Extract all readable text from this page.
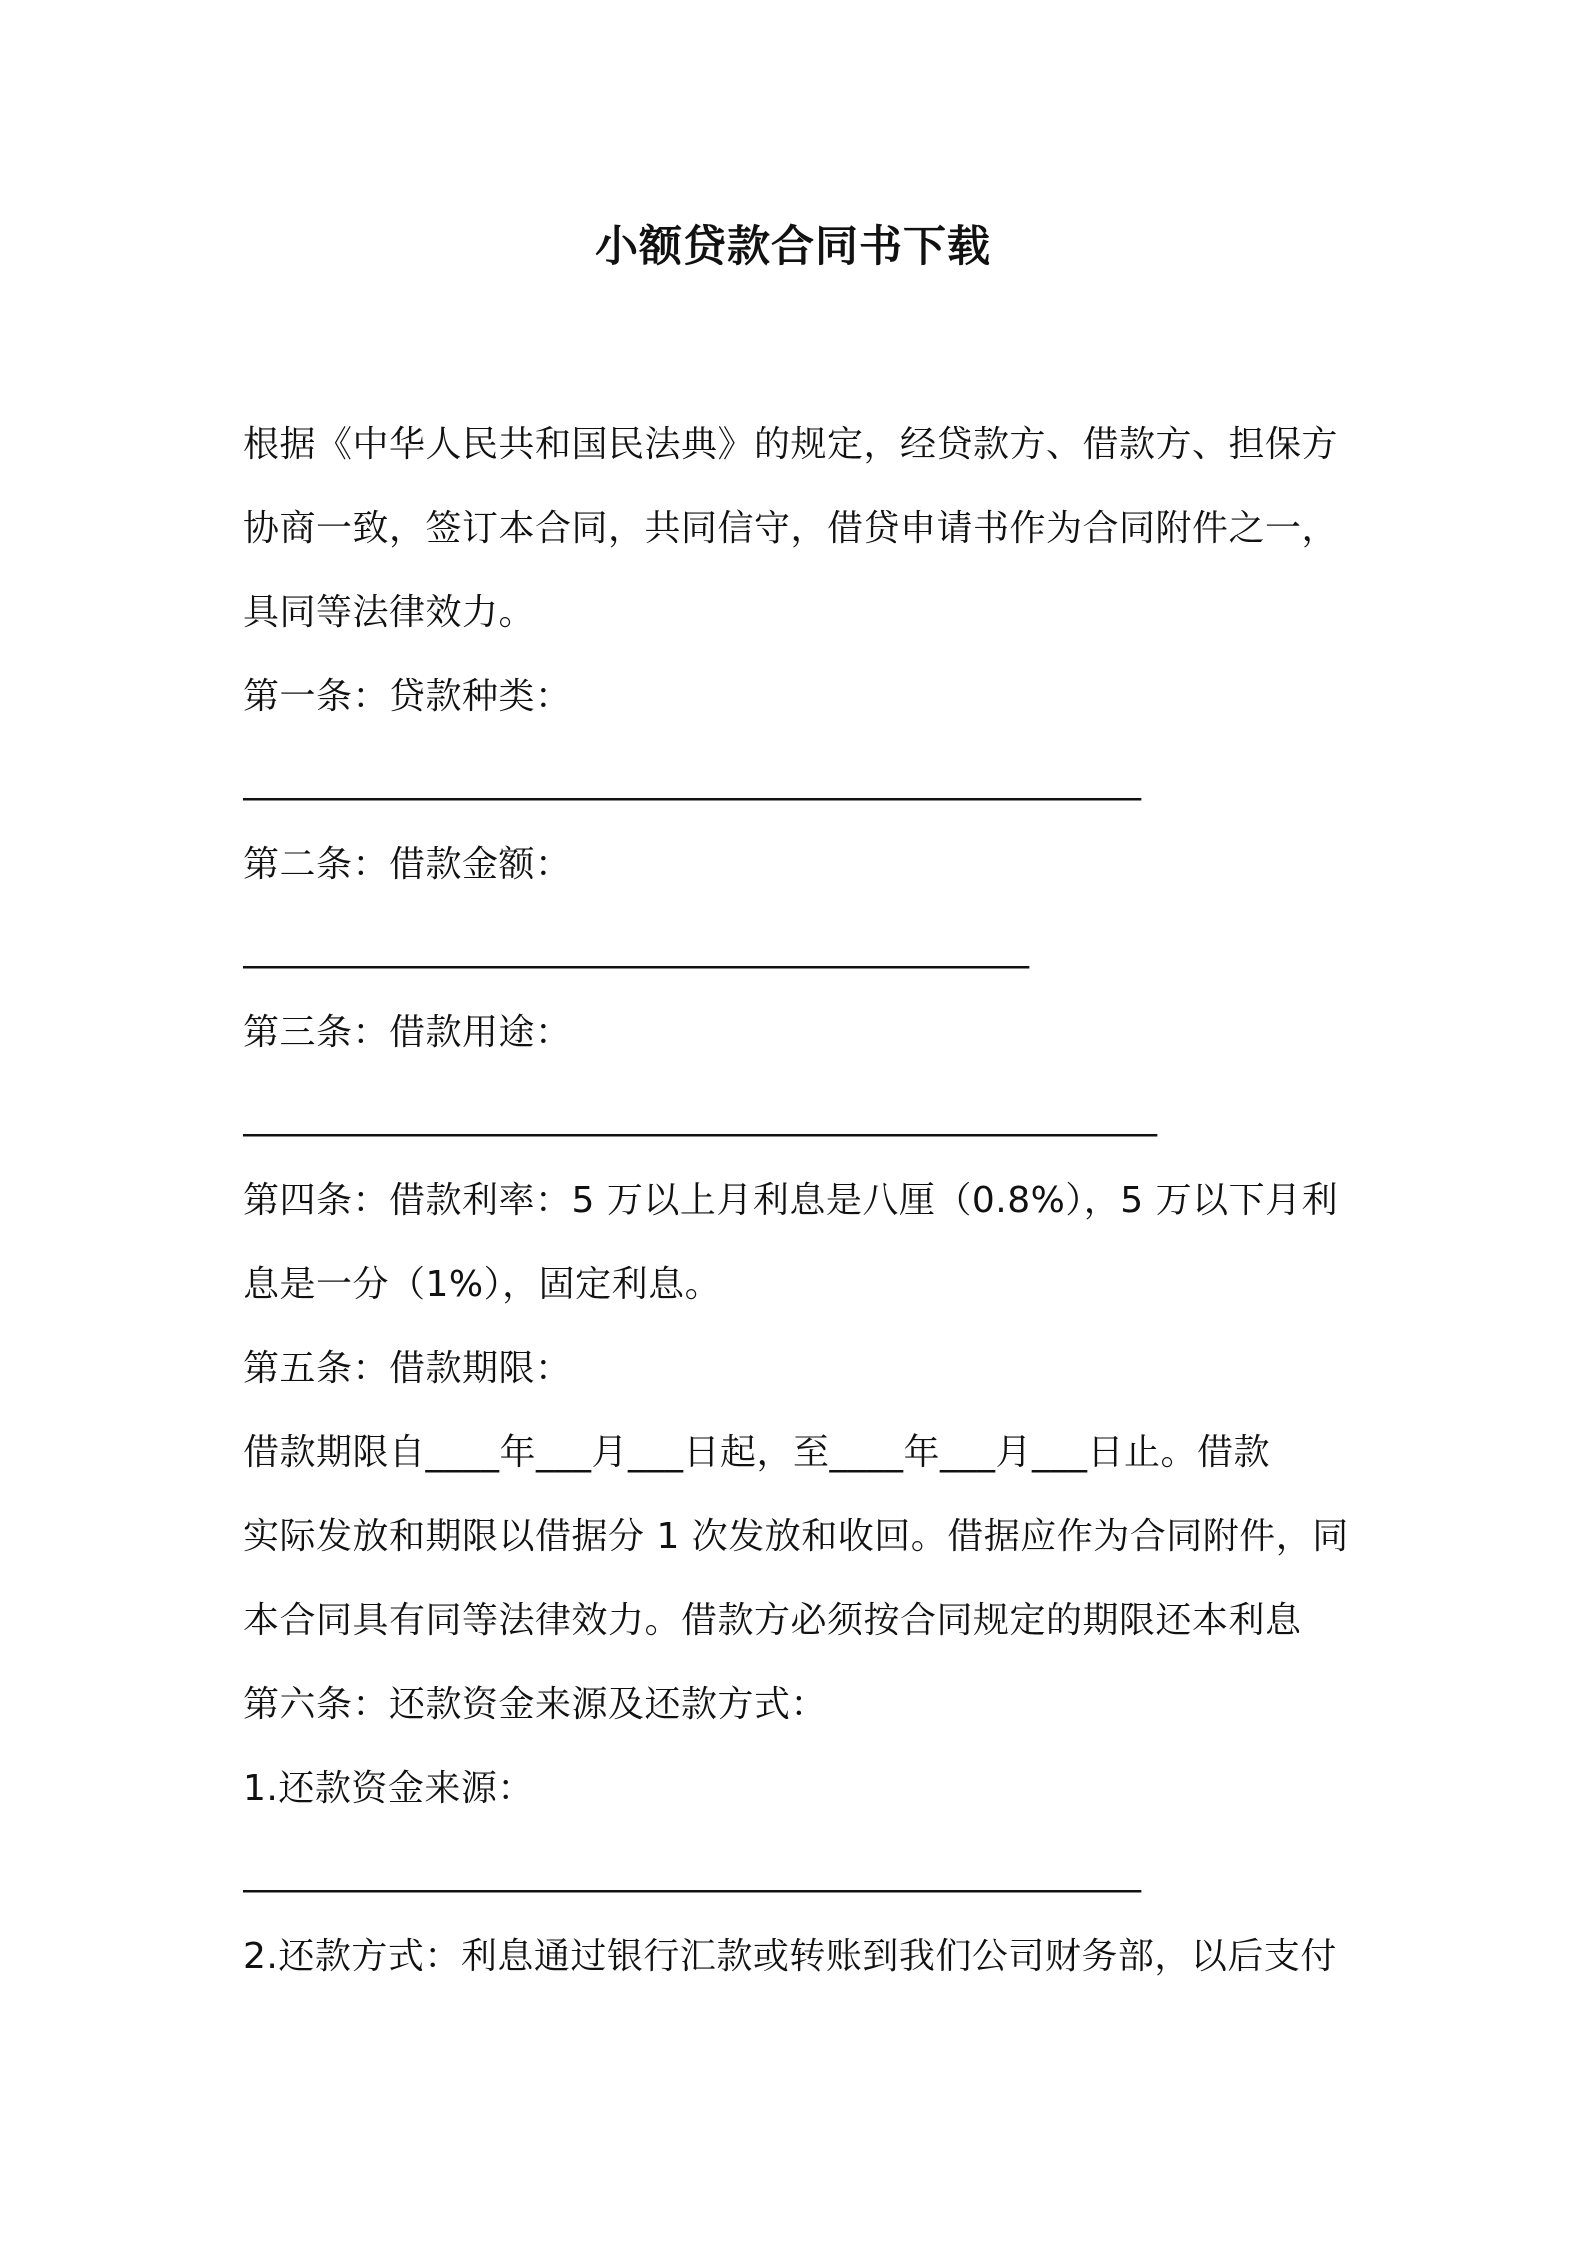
小额贷款合同书下载
根据《中华人民共和国民法典》的规定，经贷款方、借款方、担保方
协商一致，签订本合同，共同信守，借贷申请书作为合同附件之一，
具同等法律效力。
第一条：贷款种类：
________________________________________________________
第二条：借款金额：
_________________________________________________
第三条：借款用途：
_________________________________________________________
第四条：借款利率：5 万以上月利息是八厘（0.8%），5 万以下月利
息是一分（1%），固定利息。
第五条：借款期限：
借款期限自____年___月___日起，至____年___月___日止。借款
实际发放和期限以借据分 1 次发放和收回。借据应作为合同附件，同
本合同具有同等法律效力。借款方必须按合同规定的期限还本利息
第六条：还款资金来源及还款方式：
1.还款资金来源：
________________________________________________________
2.还款方式：利息通过银行汇款或转账到我们公司财务部，以后支付
